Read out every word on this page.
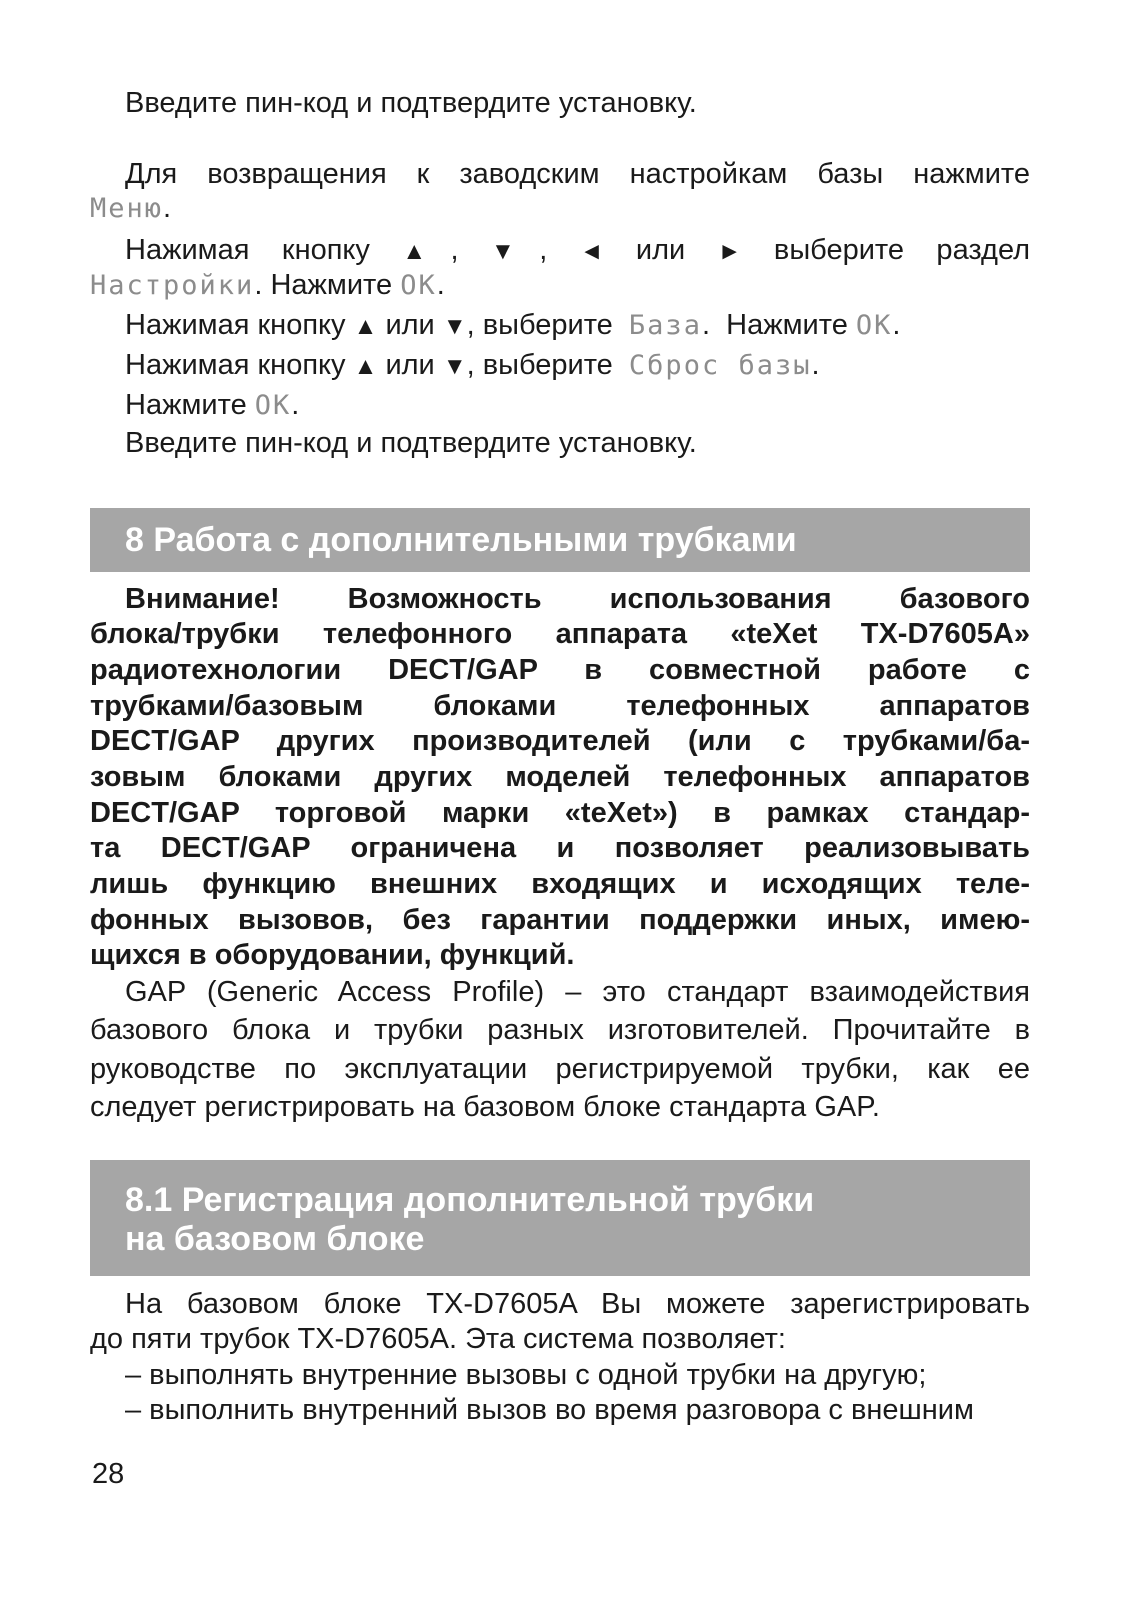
Введите пин-код и подтвердите установку.
Для возвращения к заводским настройкам базы нажмите
Меню.
Нажимая кнопку ▲, ▼, ◄ или ► выберите раздел
Настройки. Нажмите OK.
Нажимая кнопку ▲ или ▼, выберите База. Нажмите OK.
Нажимая кнопку ▲ или ▼, выберите Сброс базы.
Нажмите OK.
Введите пин-код и подтвердите установку.
8 Работа с дополнительными трубками
Внимание! Возможность использования базового
блока/трубки телефонного аппарата «teXet TX-D7605A»
радиотехнологии DECT/GAP в совместной работе с
трубками/базовым блоками телефонных аппаратов
DECT/GAP других производителей (или с трубками/ба-
зовым блоками других моделей телефонных аппаратов
DECT/GAP торговой марки «teXet») в рамках стандар-
та DECT/GAP ограничена и позволяет реализовывать
лишь функцию внешних входящих и исходящих теле-
фонных вызовов, без гарантии поддержки иных, имею-
щихся в оборудовании, функций.
GAP (Generic Access Profile) – это стандарт взаимодействия
базового блока и трубки разных изготовителей. Прочитайте в
руководстве по эксплуатации регистрируемой трубки, как ее
следует регистрировать на базовом блоке стандарта GAP.
8.1 Регистрация дополнительной трубки
на базовом блоке
На базовом блоке TX-D7605A Вы можете зарегистрировать
до пяти трубок TX-D7605A. Эта система позволяет:
– выполнять внутренние вызовы с одной трубки на другую;
– выполнить внутренний вызов во время разговора с внешним
28
